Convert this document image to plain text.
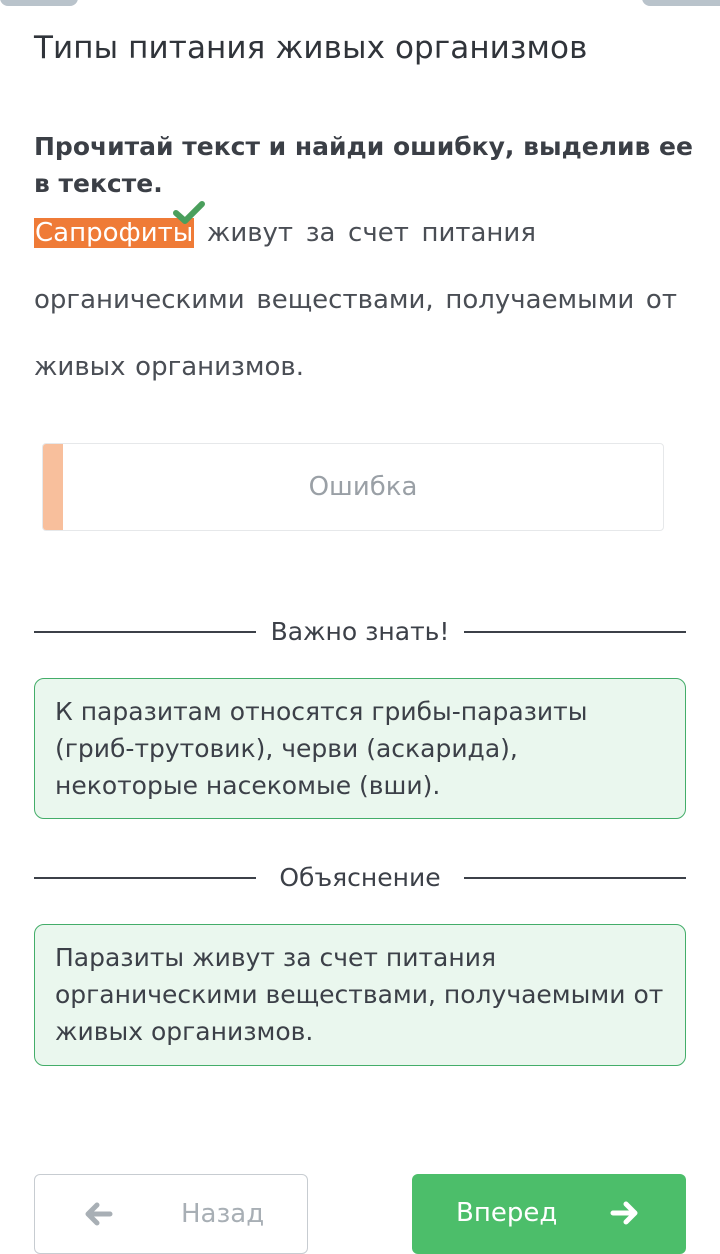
Типы питания живых организмов

Прочитай текст и найди ошибку, выделив ее в тексте.

Сапрофиты живут за счет питания
органическими веществами, получаемыми от
живых организмов.
Ошибка
Важно знать!
К паразитам относятся грибы-паразиты (гриб-трутовик), черви (аскарида), некоторые насекомые (вши).
Объяснение
Паразиты живут за счет питания органическими веществами, получаемыми от живых организмов.
Назад	Вперед
